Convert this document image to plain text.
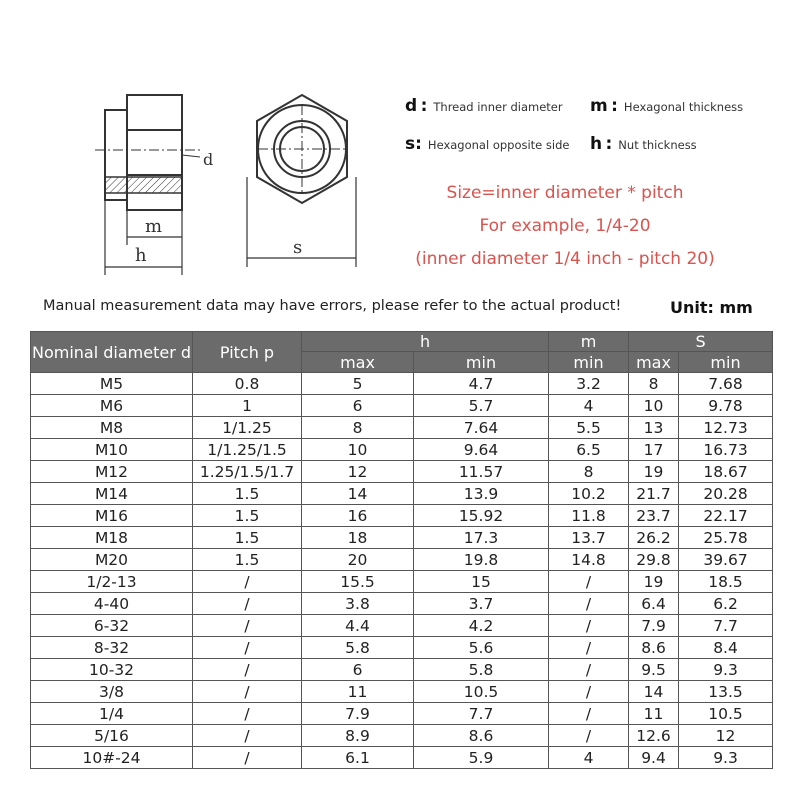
d
m
h	s
d : Thread inner diameter m : Hexagonal thickness
s: Hexagonal opposite side h : Nut thickness
Size=inner diameter * pitch
For example, 1/4-20
(inner diameter 1/4 inch - pitch 20)
Manual measurement data may have errors, please refer to the actual product!	Unit: mm
Nominal diameter d	Pitch p	h		m	S	
		max	min	min	max	min
M5	0.8	5	4.7	3.2	8	7.68
M6	1	6	5.7	4	10	9.78
M8	1/1.25	8	7.64	5.5	13	12.73
M10	1/1.25/1.5	10	9.64	6.5	17	16.73
M12	1.25/1.5/1.7	12	11.57	8	19	18.67
M14	1.5	14	13.9	10.2	21.7	20.28
M16	1.5	16	15.92	11.8	23.7	22.17
M18	1.5	18	17.3	13.7	26.2	25.78
M20	1.5	20	19.8	14.8	29.8	39.67
1/2-13	/	15.5	15	/	19	18.5
4-40	/	3.8	3.7	/	6.4	6.2
6-32	/	4.4	4.2	/	7.9	7.7
8-32	/	5.8	5.6	/	8.6	8.4
10-32	/	6	5.8	/	9.5	9.3
3/8	/	11	10.5	/	14	13.5
1/4	/	7.9	7.7	/	11	10.5
5/16	/	8.9	8.6	/	12.6	12
10#-24	/	6.1	5.9	4	9.4	9.3
